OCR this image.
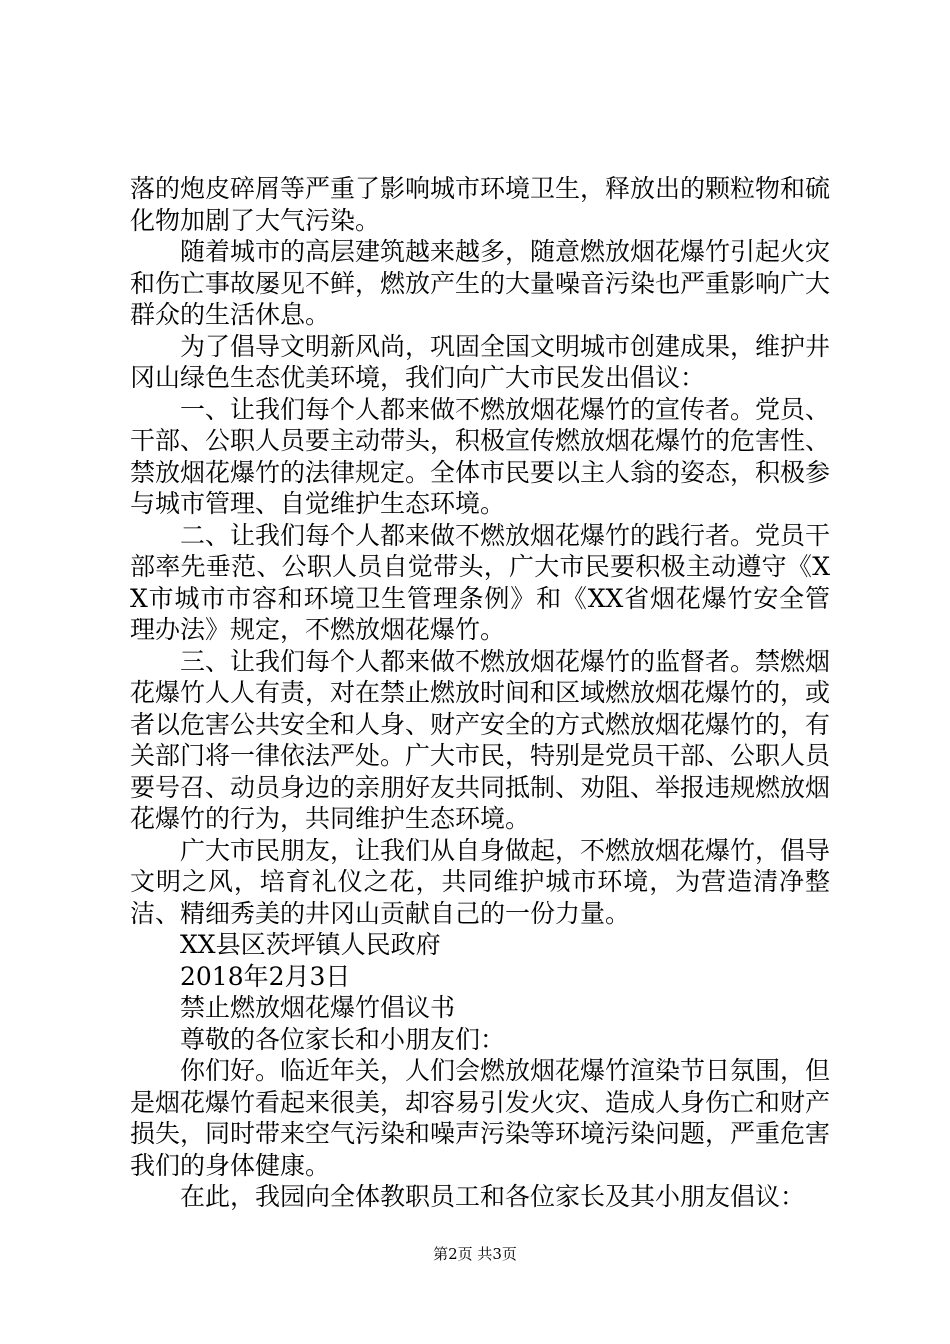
落的炮皮碎屑等严重了影响城市环境卫生，释放出的颗粒物和硫化物加剧了大气污染。

随着城市的高层建筑越来越多，随意燃放烟花爆竹引起火灾和伤亡事故屡见不鲜，燃放产生的大量噪音污染也严重影响广大群众的生活休息。

为了倡导文明新风尚，巩固全国文明城市创建成果，维护井冈山绿色生态优美环境，我们向广大市民发出倡议：

一、让我们每个人都来做不燃放烟花爆竹的宣传者。党员、干部、公职人员要主动带头，积极宣传燃放烟花爆竹的危害性、禁放烟花爆竹的法律规定。全体市民要以主人翁的姿态，积极参与城市管理、自觉维护生态环境。

二、让我们每个人都来做不燃放烟花爆竹的践行者。党员干部率先垂范、公职人员自觉带头，广大市民要积极主动遵守《XX市城市市容和环境卫生管理条例》和《XX省烟花爆竹安全管理办法》规定，不燃放烟花爆竹。

三、让我们每个人都来做不燃放烟花爆竹的监督者。禁燃烟花爆竹人人有责，对在禁止燃放时间和区域燃放烟花爆竹的，或者以危害公共安全和人身、财产安全的方式燃放烟花爆竹的，有关部门将一律依法严处。广大市民，特别是党员干部、公职人员要号召、动员身边的亲朋好友共同抵制、劝阻、举报违规燃放烟花爆竹的行为，共同维护生态环境。

广大市民朋友，让我们从自身做起，不燃放烟花爆竹，倡导文明之风，培育礼仪之花，共同维护城市环境，为营造清净整洁、精细秀美的井冈山贡献自己的一份力量。

XX县区茨坪镇人民政府

2018年2月3日

禁止燃放烟花爆竹倡议书

尊敬的各位家长和小朋友们：

你们好。临近年关，人们会燃放烟花爆竹渲染节日氛围，但是烟花爆竹看起来很美，却容易引发火灾、造成人身伤亡和财产损失，同时带来空气污染和噪声污染等环境污染问题，严重危害我们的身体健康。

在此，我园向全体教职员工和各位家长及其小朋友倡议：

第2页 共3页
